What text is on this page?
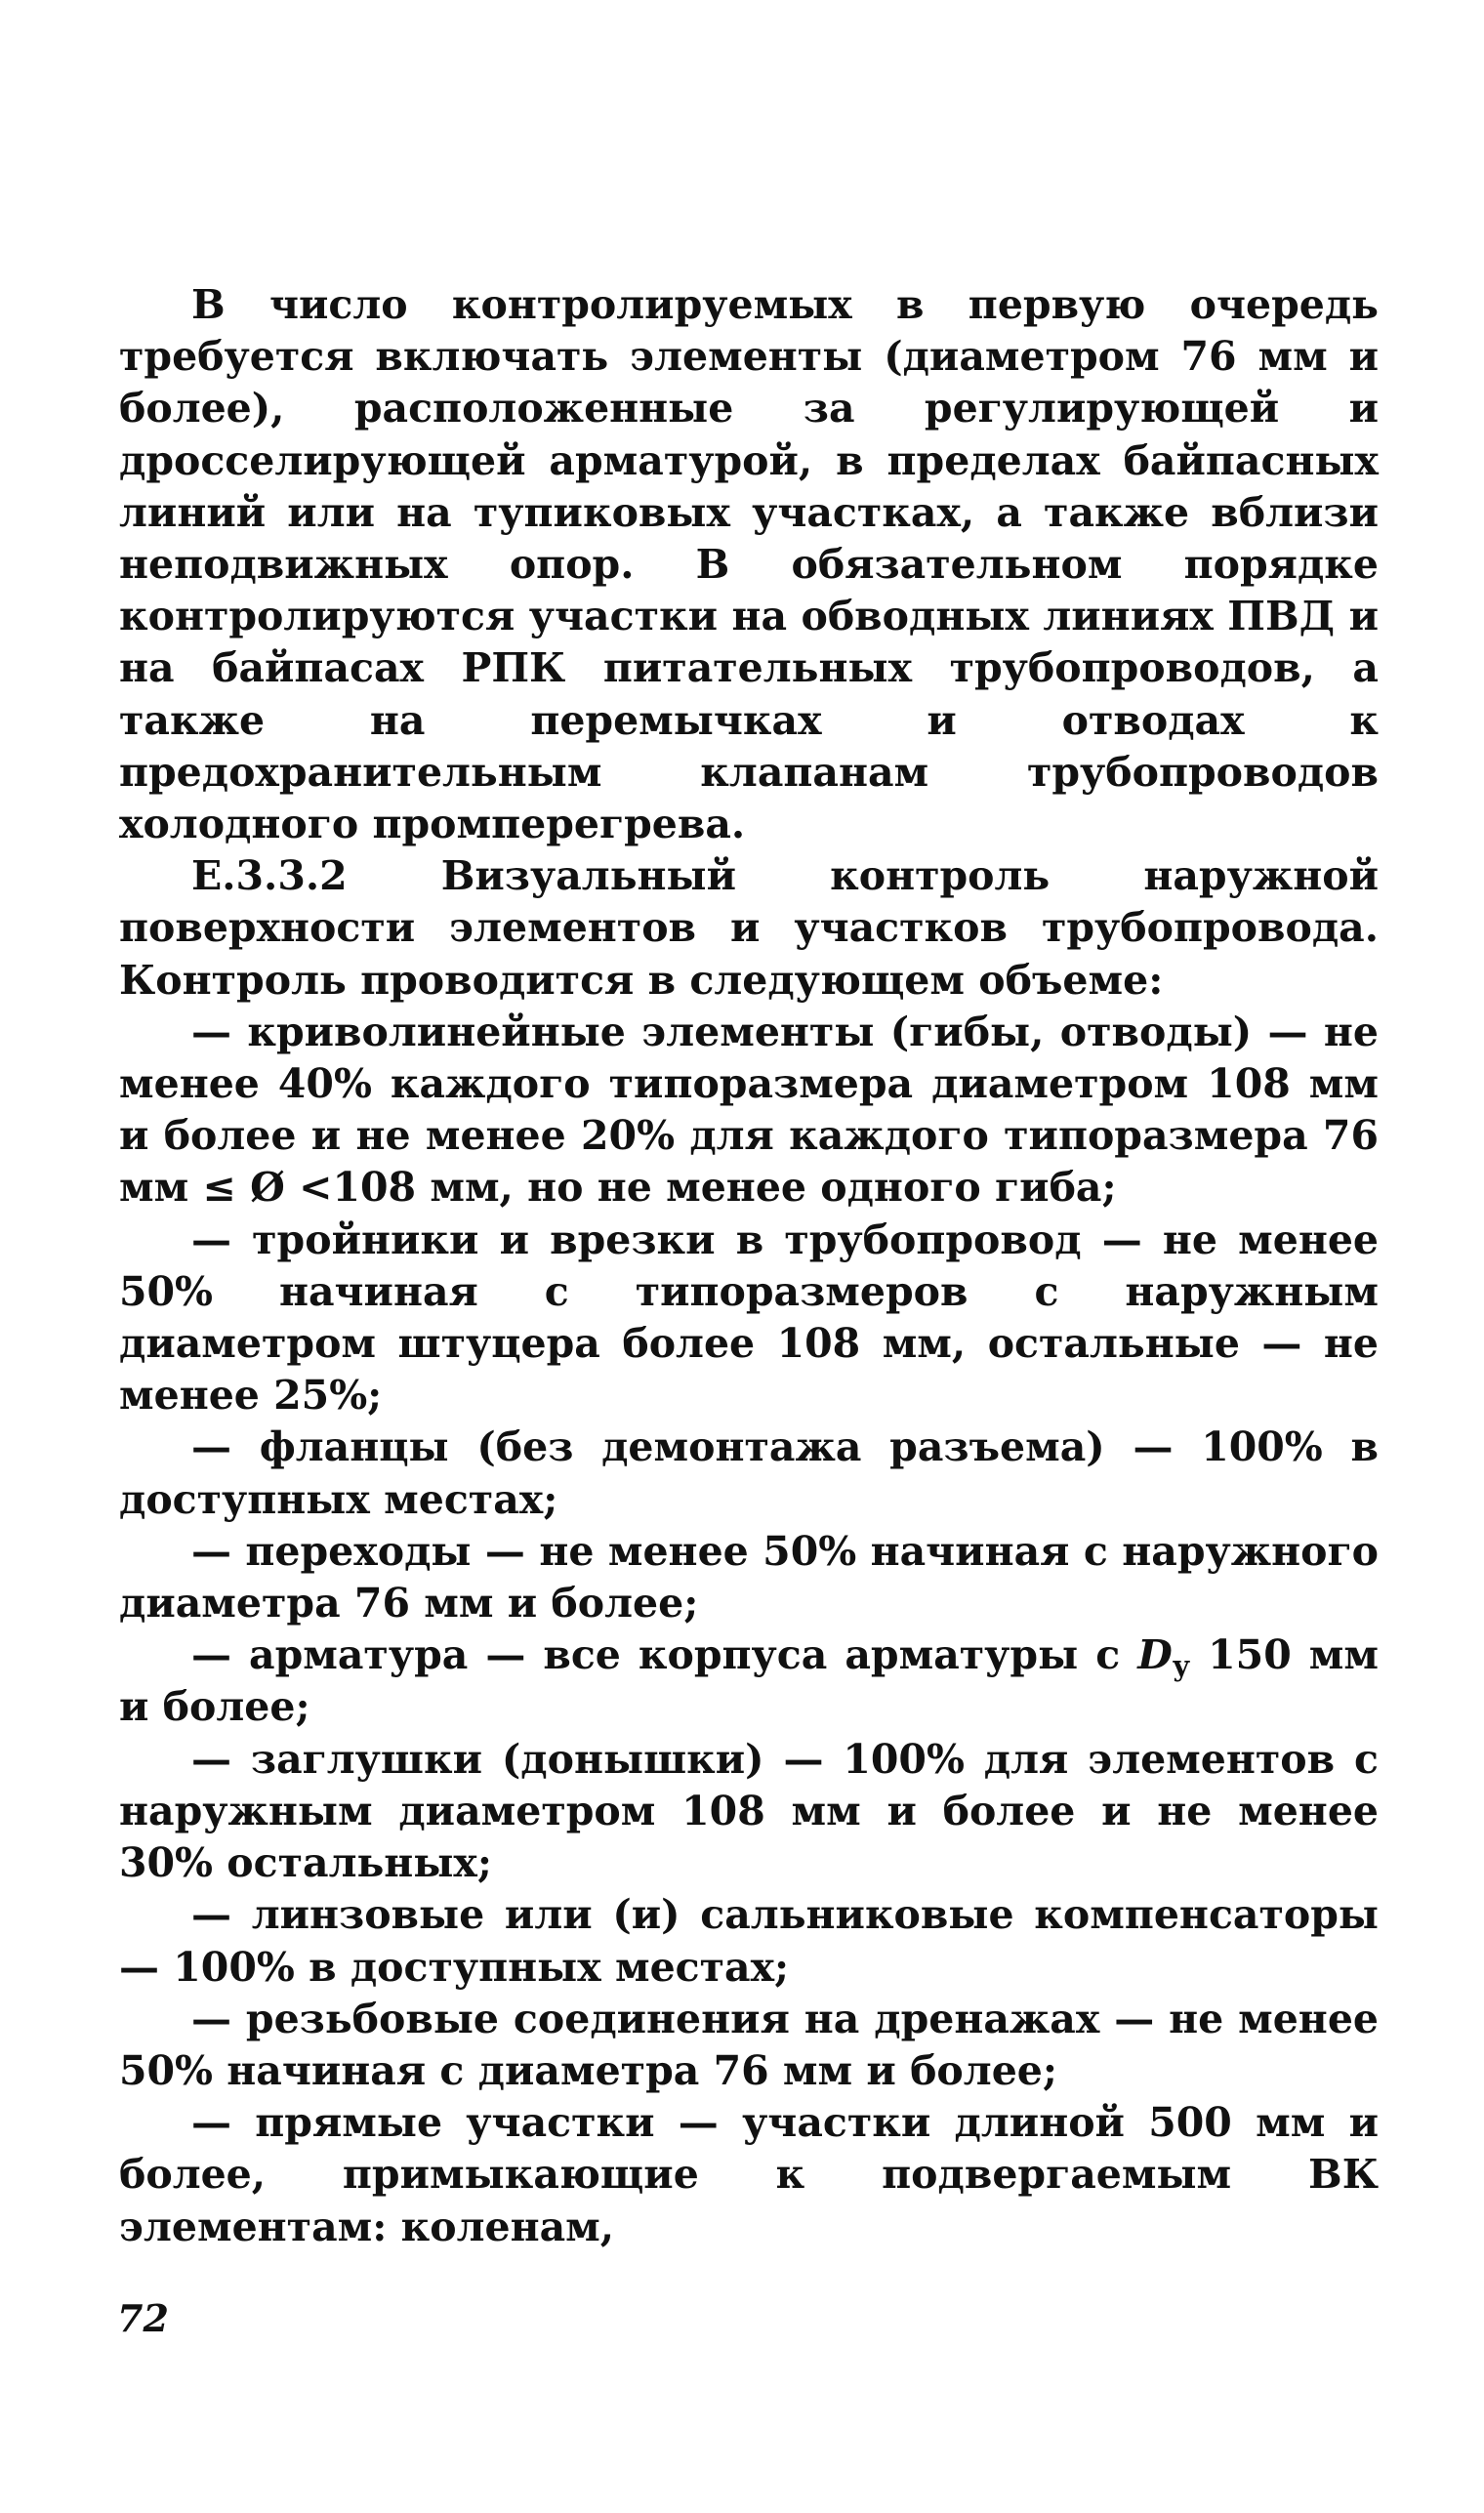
В число контролируемых в первую очередь требуется включать элементы (диаметром 76 мм и более), расположенные за регулирующей и дросселирующей арматурой, в пределах байпасных линий или на тупиковых участках, а также вблизи неподвижных опор. В обязательном порядке контролируются участки на обводных линиях ПВД и на байпасах РПК питательных трубопроводов, а также на перемычках и отводах к предохранительным клапанам трубопроводов холодного промперегрева.

Е.3.3.2 Визуальный контроль наружной поверхности элементов и участков трубопровода. Контроль проводится в следующем объеме:

— криволинейные элементы (гибы, отводы) — не менее 40% каждого типоразмера диаметром 108 мм и более и не менее 20% для каждого типоразмера 76 мм ≤ Ø <108 мм, но не менее одного гиба;

— тройники и врезки в трубопровод — не менее 50% начиная с типоразмеров с наружным диаметром штуцера более 108 мм, остальные — не менее 25%;

— фланцы (без демонтажа разъема) — 100% в доступных местах;

— переходы — не менее 50% начиная с наружного диаметра 76 мм и более;

— арматура — все корпуса арматуры с $D_у$ 150 мм и более;

— заглушки (донышки) — 100% для элементов с наружным диаметром 108 мм и более и не менее 30% остальных;

— линзовые или (и) сальниковые компенсаторы — 100% в доступных местах;

— резьбовые соединения на дренажах — не менее 50% начиная с диаметра 76 мм и более;

— прямые участки — участки длиной 500 мм и более, примыкающие к подвергаемым ВК элементам: коленам,

72
